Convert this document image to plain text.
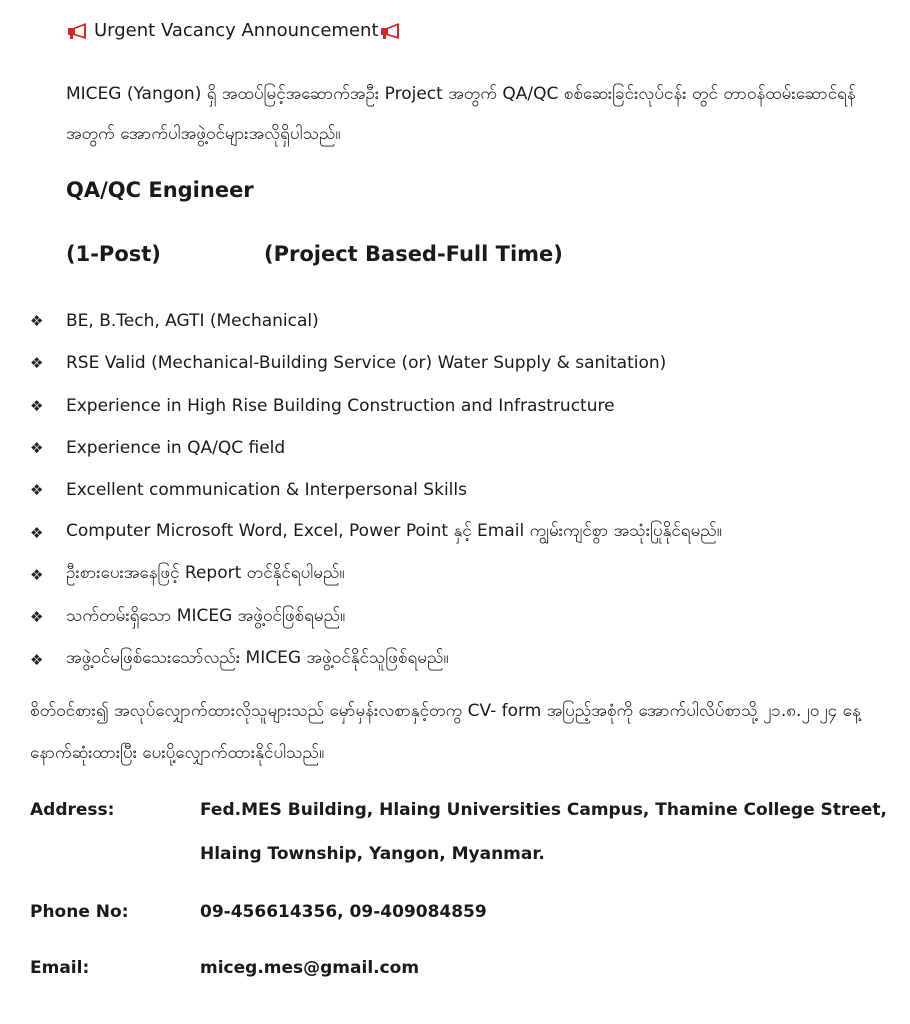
Urgent Vacancy Announcement
MICEG (Yangon) ရှိ အထပ်မြင့်အဆောက်အဦး Project အတွက် QA/QC စစ်ဆေးခြင်းလုပ်ငန်း တွင် တာဝန်ထမ်းဆောင်ရန်အတွက် အောက်ပါအဖွဲ့ဝင်များအလိုရှိပါသည်။
QA/QC Engineer
(1-Post)	(Project Based-Full Time)
❖	BE, B.Tech, AGTI (Mechanical)
❖	RSE Valid (Mechanical-Building Service (or) Water Supply & sanitation)
❖	Experience in High Rise Building Construction and Infrastructure
❖	Experience in QA/QC field
❖	Excellent communication & Interpersonal Skills
❖	Computer Microsoft Word, Excel, Power Point နှင့် Email ကျွမ်းကျင်စွာ အသုံးပြုနိုင်ရမည်။
❖	ဦးစားပေးအနေဖြင့် Report တင်နိုင်ရပါမည်။
❖	သက်တမ်းရှိသော MICEG အဖွဲ့ဝင်ဖြစ်ရမည်။
❖	အဖွဲ့ဝင်မဖြစ်သေးသော်လည်း MICEG အဖွဲ့ဝင်နိုင်သူဖြစ်ရမည်။
စိတ်ဝင်စား၍ အလုပ်လျှောက်ထားလိုသူများသည် မှော်မှန်းလစာနှင့်တကွ CV- form အပြည့်အစုံကို အောက်ပါလိပ်စာသို့ ၂၁.၈.၂၀၂၄ နေ့ နောက်ဆုံးထားပြီး ပေးပို့လျှောက်ထားနိုင်ပါသည်။
Address:	Fed.MES Building, Hlaing Universities Campus, Thamine College Street,
Hlaing Township, Yangon, Myanmar.
Phone No:	09-456614356, 09-409084859
Email:	miceg.mes@gmail.com
